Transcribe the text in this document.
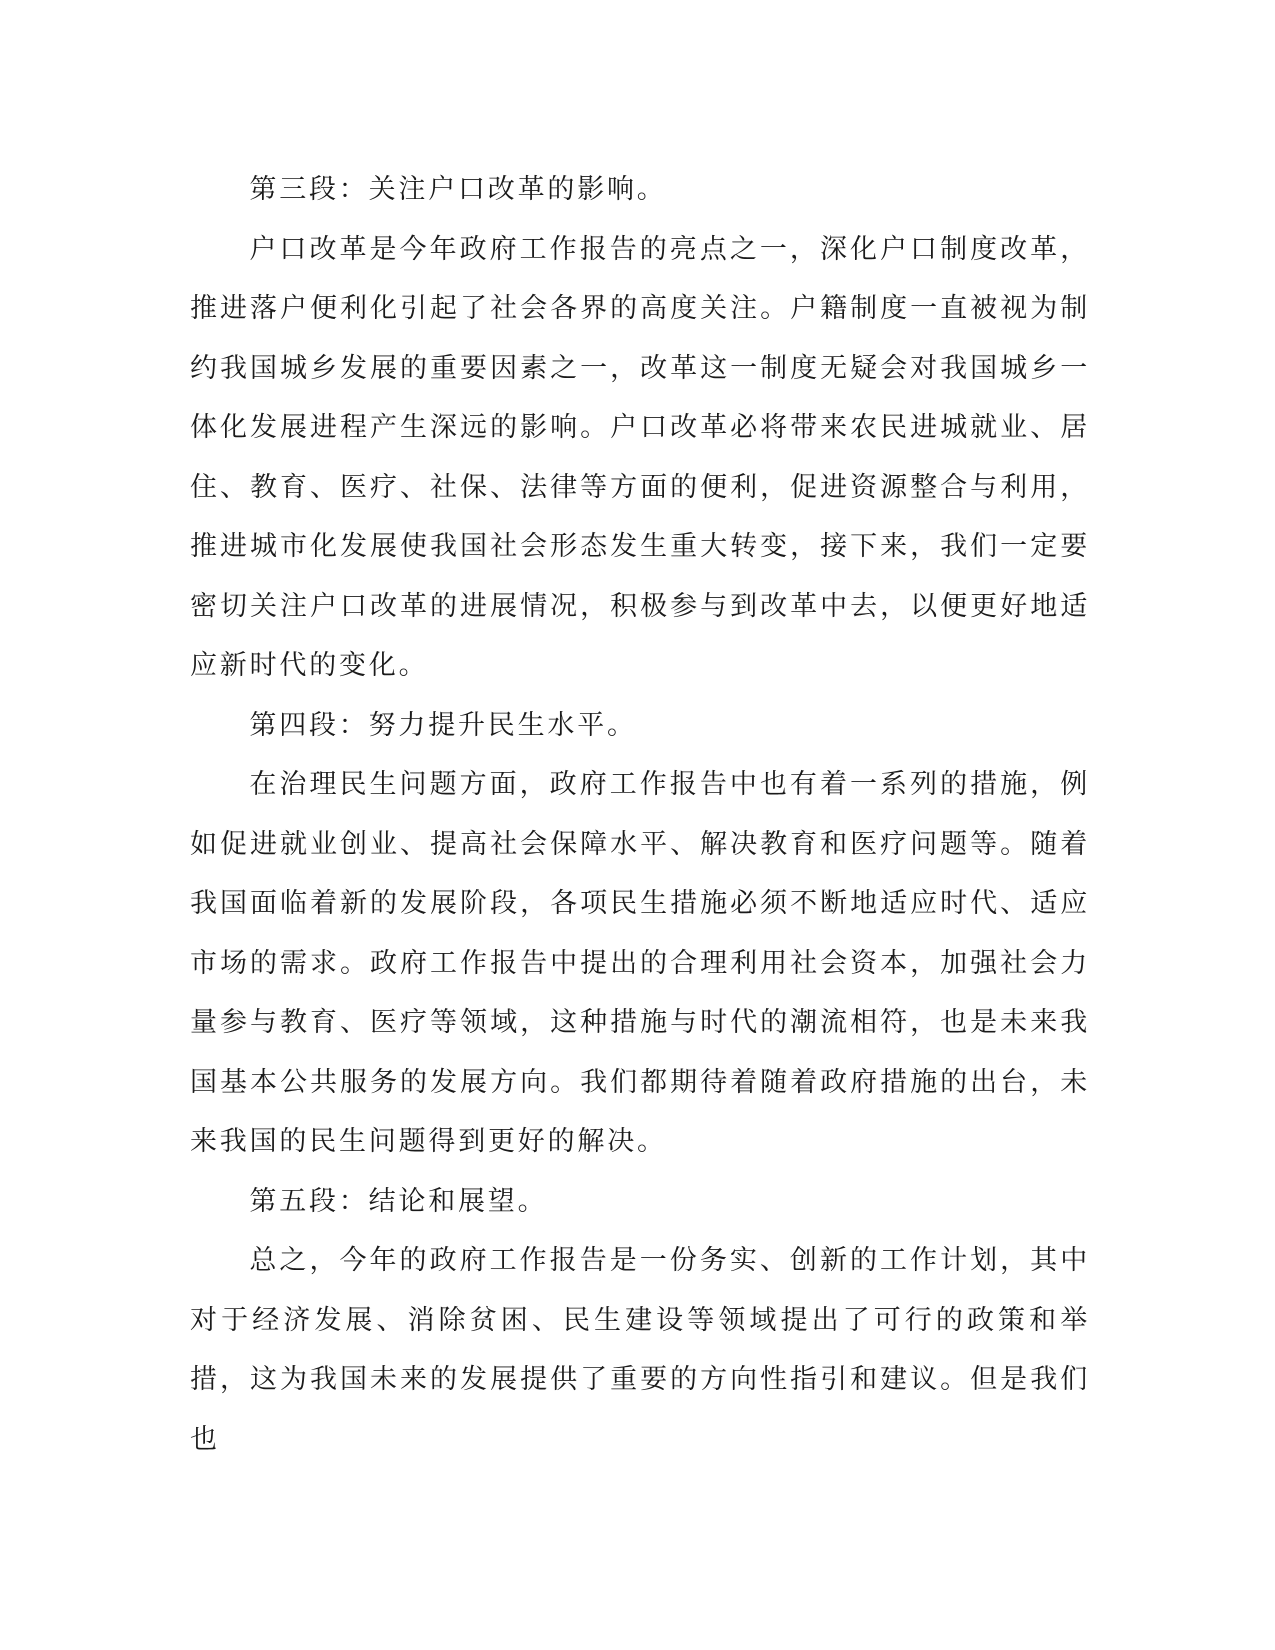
第三段：关注户口改革的影响。

户口改革是今年政府工作报告的亮点之一，深化户口制度改革，推进落户便利化引起了社会各界的高度关注。户籍制度一直被视为制约我国城乡发展的重要因素之一，改革这一制度无疑会对我国城乡一体化发展进程产生深远的影响。户口改革必将带来农民进城就业、居住、教育、医疗、社保、法律等方面的便利，促进资源整合与利用，推进城市化发展使我国社会形态发生重大转变，接下来，我们一定要密切关注户口改革的进展情况，积极参与到改革中去，以便更好地适应新时代的变化。

第四段：努力提升民生水平。

在治理民生问题方面，政府工作报告中也有着一系列的措施，例如促进就业创业、提高社会保障水平、解决教育和医疗问题等。随着我国面临着新的发展阶段，各项民生措施必须不断地适应时代、适应市场的需求。政府工作报告中提出的合理利用社会资本，加强社会力量参与教育、医疗等领域，这种措施与时代的潮流相符，也是未来我国基本公共服务的发展方向。我们都期待着随着政府措施的出台，未来我国的民生问题得到更好的解决。

第五段：结论和展望。

总之，今年的政府工作报告是一份务实、创新的工作计划，其中对于经济发展、消除贫困、民生建设等领域提出了可行的政策和举措，这为我国未来的发展提供了重要的方向性指引和建议。但是我们也
